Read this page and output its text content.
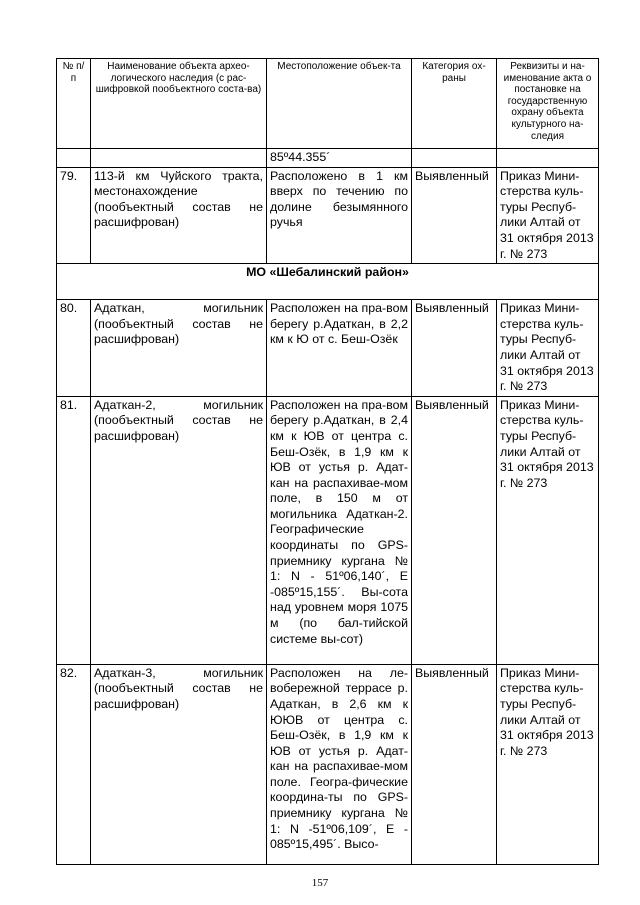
№ п/п	Наименование объекта архео-логического наследия (с рас-шифровкой пообъектного соста-ва)	Местоположение объек-та	Категория ох-раны	Реквизиты и на-именование акта о постановке на государственную охрану объекта культурного на-следия
		85º44.355´		
79.	113-й км Чуйского тракта, местонахождение (пообъектный состав не расшифрован)	Расположено в 1 км вверх по течению по долине безымянного ручья	Выявленный	Приказ Мини-стерства куль-туры Респуб-лики Алтай от 31 октября 2013 г. № 273
МО «Шебалинский район»				
80.	Адаткан, могильник (пообъектный состав не расшифрован)	Расположен на пра-вом берегу р.Адаткан, в 2,2 км к Ю от с. Беш-Озёк	Выявленный	Приказ Мини-стерства куль-туры Респуб-лики Алтай от 31 октября 2013 г. № 273
81.	Адаткан-2, могильник (пообъектный состав не расшифрован)	Расположен на пра-вом берегу р.Адаткан, в 2,4 км к ЮВ от центра с. Беш-Озёк, в 1,9 км к ЮВ от устья р. Адат-кан на распахивае-мом поле, в 150 м от могильника Адаткан-2. Географические координаты по GPS-приемнику кургана № 1: N - 51º06,140´, E -085º15,155´. Вы-сота над уровнем моря 1075 м (по бал-тийской системе вы-сот)	Выявленный	Приказ Мини-стерства куль-туры Респуб-лики Алтай от 31 октября 2013 г. № 273
82.	Адаткан-3, могильник (пообъектный состав не расшифрован)	Расположен на ле-вобережной террасе р. Адаткан, в 2,6 км к ЮЮВ от центра с. Беш-Озёк, в 1,9 км к ЮВ от устья р. Адат-кан на распахивае-мом поле. Геогра-фические координа-ты по GPS-приемнику кургана № 1: N -51º06,109´, E - 085º15,495´. Высо-	Выявленный	Приказ Мини-стерства куль-туры Респуб-лики Алтай от 31 октября 2013 г. № 273
157
